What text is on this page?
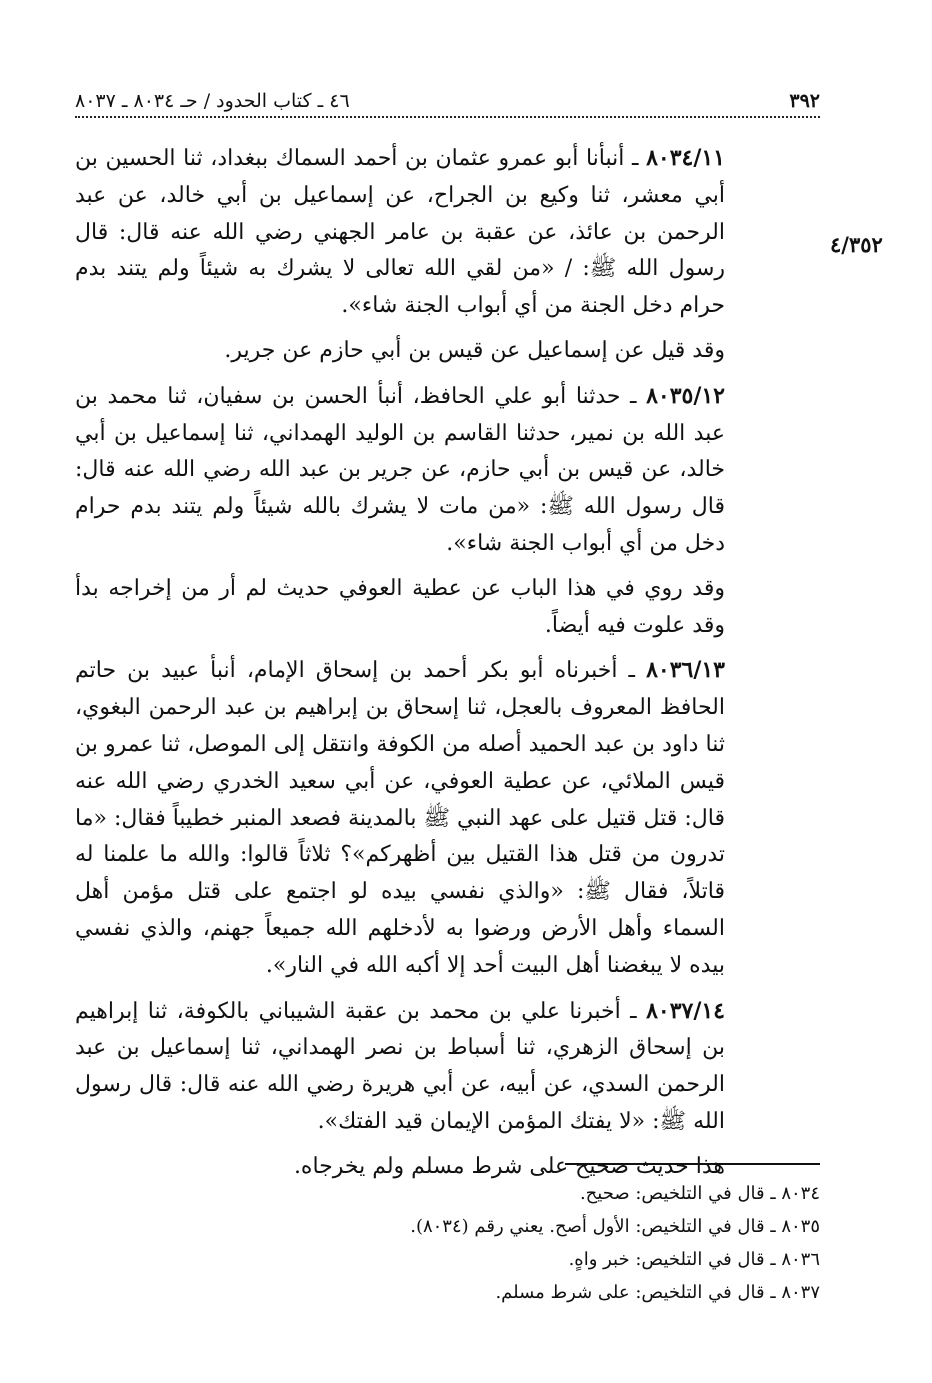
٣٩٢
٤٦ ـ كتاب الحدود / حـ ٨٠٣٤ ـ ٨٠٣٧
٤/٣٥٢

٨٠٣٤/١١ ـ أنبأنا أبو عمرو عثمان بن أحمد السماك ببغداد، ثنا الحسين بن أبي معشر، ثنا وكيع بن الجراح، عن إسماعيل بن أبي خالد، عن عبد الرحمن بن عائذ، عن عقبة بن عامر الجهني رضي الله عنه قال: قال رسول الله ﷺ: / «من لقي الله تعالى لا يشرك به شيئاً ولم يتند بدم حرام دخل الجنة من أي أبواب الجنة شاء».

وقد قيل عن إسماعيل عن قيس بن أبي حازم عن جرير.

٨٠٣٥/١٢ ـ حدثنا أبو علي الحافظ، أنبأ الحسن بن سفيان، ثنا محمد بن عبد الله بن نمير، حدثنا القاسم بن الوليد الهمداني، ثنا إسماعيل بن أبي خالد، عن قيس بن أبي حازم، عن جرير بن عبد الله رضي الله عنه قال: قال رسول الله ﷺ: «من مات لا يشرك بالله شيئاً ولم يتند بدم حرام دخل من أي أبواب الجنة شاء».

وقد روي في هذا الباب عن عطية العوفي حديث لم أر من إخراجه بدأ وقد علوت فيه أيضاً.

٨٠٣٦/١٣ ـ أخبرناه أبو بكر أحمد بن إسحاق الإمام، أنبأ عبيد بن حاتم الحافظ المعروف بالعجل، ثنا إسحاق بن إبراهيم بن عبد الرحمن البغوي، ثنا داود بن عبد الحميد أصله من الكوفة وانتقل إلى الموصل، ثنا عمرو بن قيس الملائي، عن عطية العوفي، عن أبي سعيد الخدري رضي الله عنه قال: قتل قتيل على عهد النبي ﷺ بالمدينة فصعد المنبر خطيباً فقال: «ما تدرون من قتل هذا القتيل بين أظهركم»؟ ثلاثاً قالوا: والله ما علمنا له قاتلاً، فقال ﷺ: «والذي نفسي بيده لو اجتمع على قتل مؤمن أهل السماء وأهل الأرض ورضوا به لأدخلهم الله جميعاً جهنم، والذي نفسي بيده لا يبغضنا أهل البيت أحد إلا أكبه الله في النار».

٨٠٣٧/١٤ ـ أخبرنا علي بن محمد بن عقبة الشيباني بالكوفة، ثنا إبراهيم بن إسحاق الزهري، ثنا أسباط بن نصر الهمداني، ثنا إسماعيل بن عبد الرحمن السدي، عن أبيه، عن أبي هريرة رضي الله عنه قال: قال رسول الله ﷺ: «لا يفتك المؤمن الإيمان قيد الفتك».

هذا حديث صحيح على شرط مسلم ولم يخرجاه.

٨٠٣٤ ـ قال في التلخيص: صحيح.

٨٠٣٥ ـ قال في التلخيص: الأول أصح. يعني رقم (٨٠٣٤).

٨٠٣٦ ـ قال في التلخيص: خبر واهٍ.

٨٠٣٧ ـ قال في التلخيص: على شرط مسلم.
